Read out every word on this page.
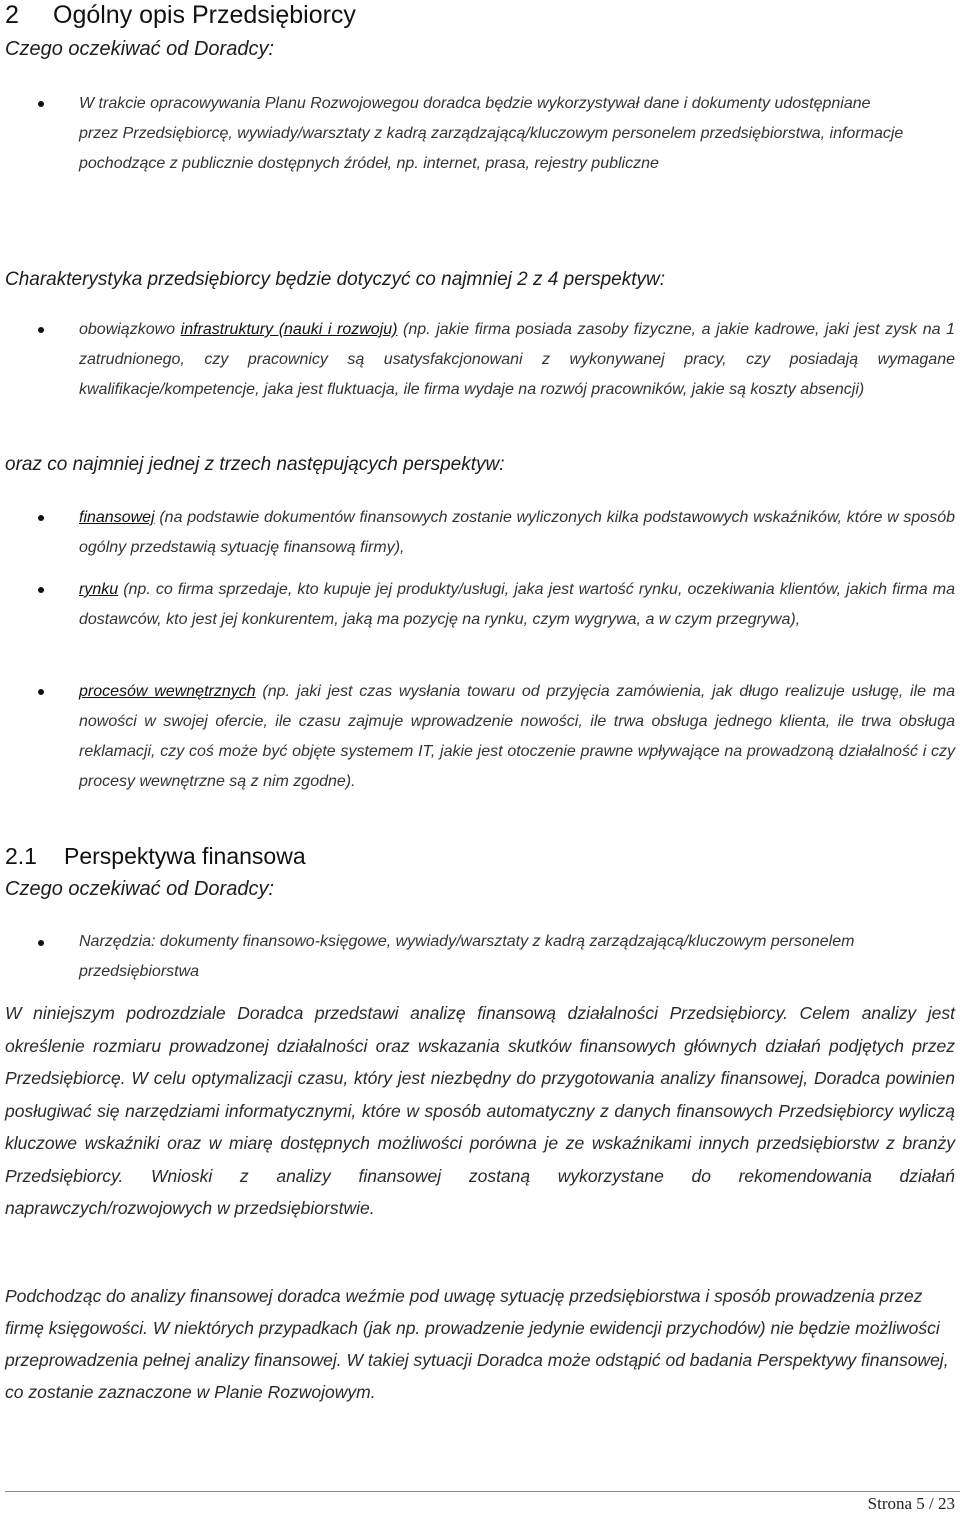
2 Ogólny opis Przedsiębiorcy
Czego oczekiwać od Doradcy:
W trakcie opracowywania Planu Rozwojowegou doradca będzie wykorzystywał dane i dokumenty udostępniane przez Przedsiębiorcę, wywiady/warsztaty z kadrą zarządzającą/kluczowym personelem przedsiębiorstwa, informacje pochodzące z publicznie dostępnych źródeł, np. internet, prasa, rejestry publiczne
Charakterystyka przedsiębiorcy będzie dotyczyć co najmniej 2 z 4 perspektyw:
obowiązkowo infrastruktury (nauki i rozwoju) (np. jakie firma posiada zasoby fizyczne, a jakie kadrowe, jaki jest zysk na 1 zatrudnionego, czy pracownicy są usatysfakcjonowani z wykonywanej pracy, czy posiadają wymagane kwalifikacje/kompetencje, jaka jest fluktuacja, ile firma wydaje na rozwój pracowników, jakie są koszty absencji)
oraz co najmniej jednej z trzech następujących perspektyw:
finansowej (na podstawie dokumentów finansowych zostanie wyliczonych kilka podstawowych wskaźników, które w sposób ogólny przedstawią sytuację finansową firmy),
rynku (np. co firma sprzedaje, kto kupuje jej produkty/usługi, jaka jest wartość rynku, oczekiwania klientów, jakich firma ma dostawców, kto jest jej konkurentem, jaką ma pozycję na rynku, czym wygrywa, a w czym przegrywa),
procesów wewnętrznych (np. jaki jest czas wysłania towaru od przyjęcia zamówienia, jak długo realizuje usługę, ile ma nowości w swojej ofercie, ile czasu zajmuje wprowadzenie nowości, ile trwa obsługa jednego klienta, ile trwa obsługa reklamacji, czy coś może być objęte systemem IT, jakie jest otoczenie prawne wpływające na prowadzoną działalność i czy procesy wewnętrzne są z nim zgodne).
2.1 Perspektywa finansowa
Czego oczekiwać od Doradcy:
Narzędzia: dokumenty finansowo-księgowe, wywiady/warsztaty z kadrą zarządzającą/kluczowym personelem przedsiębiorstwa
W niniejszym podrozdziale Doradca przedstawi analizę finansową działalności Przedsiębiorcy. Celem analizy jest określenie rozmiaru prowadzonej działalności oraz wskazania skutków finansowych głównych działań podjętych przez Przedsiębiorcę. W celu optymalizacji czasu, który jest niezbędny do przygotowania analizy finansowej, Doradca powinien posługiwać się narzędziami informatycznymi, które w sposób automatyczny z danych finansowych Przedsiębiorcy wyliczą kluczowe wskaźniki oraz w miarę dostępnych możliwości porówna je ze wskaźnikami innych przedsiębiorstw z branży Przedsiębiorcy. Wnioski z analizy finansowej zostaną wykorzystane do rekomendowania działań naprawczych/rozwojowych w przedsiębiorstwie.
Podchodząc do analizy finansowej doradca weźmie pod uwagę sytuację przedsiębiorstwa i sposób prowadzenia przez firmę księgowości. W niektórych przypadkach (jak np. prowadzenie jedynie ewidencji przychodów) nie będzie możliwości przeprowadzenia pełnej analizy finansowej. W takiej sytuacji Doradca może odstąpić od badania Perspektywy finansowej, co zostanie zaznaczone w Planie Rozwojowym.
Strona 5 / 23
